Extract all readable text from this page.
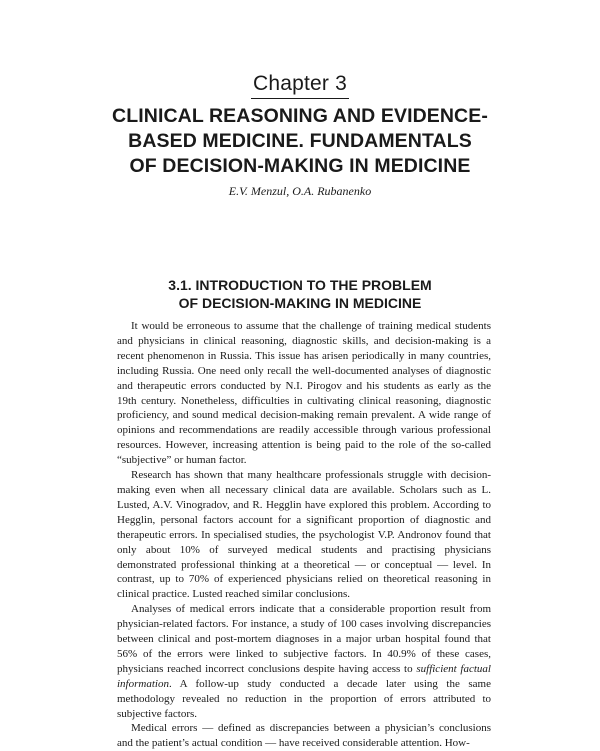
Chapter 3
CLINICAL REASONING AND EVIDENCE-
BASED MEDICINE. FUNDAMENTALS
OF DECISION-MAKING IN MEDICINE
E.V. Menzul, O.A. Rubanenko
3.1. INTRODUCTION TO THE PROBLEM
OF DECISION-MAKING IN MEDICINE

It would be erroneous to assume that the challenge of training medical students and physicians in clinical reasoning, diagnostic skills, and decision-making is a recent phenomenon in Russia. This issue has arisen periodically in many countries, including Russia. One need only recall the well-documented analyses of diagnostic and therapeutic errors conducted by N.I. Pirogov and his students as early as the 19th century. Nonetheless, difficulties in cultivating clinical reasoning, diagnostic proficiency, and sound medical decision-making remain prevalent. A wide range of opinions and recommendations are readily accessible through various professional resources. However, increasing attention is being paid to the role of the so-called “subjective” or human factor.

Research has shown that many healthcare professionals struggle with decision-making even when all necessary clinical data are available. Scholars such as L. Lusted, A.V. Vinogradov, and R. Hegglin have explored this problem. According to Hegglin, personal factors account for a significant proportion of diagnostic and therapeutic errors. In specialised studies, the psychologist V.P. Andronov found that only about 10% of surveyed medical students and practising physicians demonstrated professional thinking at a theoretical — or conceptual — level. In contrast, up to 70% of experienced physicians relied on theoretical reasoning in clinical practice. Lusted reached similar conclusions.

Analyses of medical errors indicate that a considerable proportion result from physician-related factors. For instance, a study of 100 cases involving discrepancies between clinical and post-mortem diagnoses in a major urban hospital found that 56% of the errors were linked to subjective factors. In 40.9% of these cases, physicians reached incorrect conclusions despite having access to sufficient factual information. A follow-up study conducted a decade later using the same methodology revealed no reduction in the proportion of errors attributed to subjective factors.

Medical errors — defined as discrepancies between a physician’s conclusions and the patient’s actual condition — have received considerable attention. How-
